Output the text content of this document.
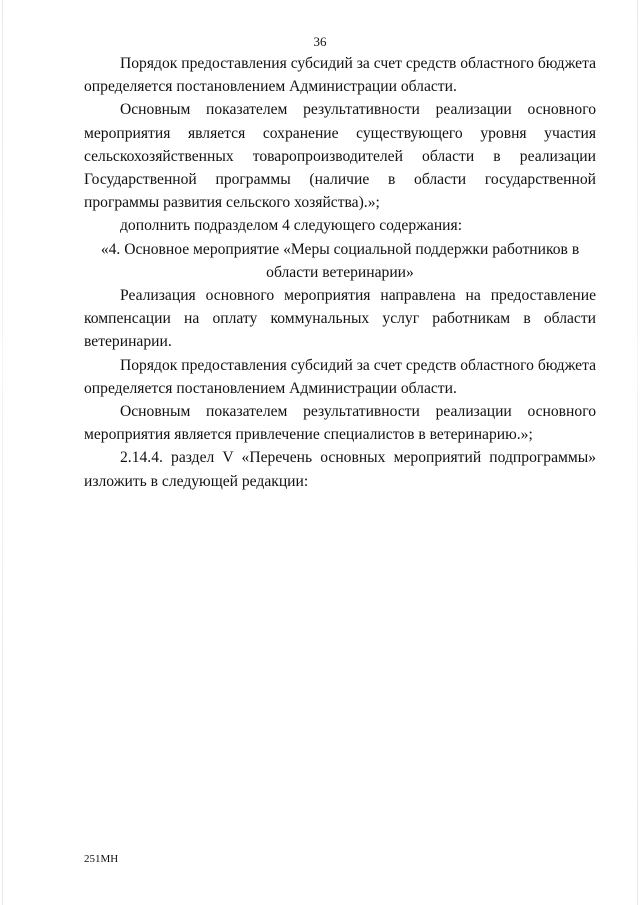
36

Порядок предоставления субсидий за счет средств областного бюджета определяется постановлением Администрации области.

Основным показателем результативности реализации основного мероприятия является сохранение существующего уровня участия сельскохозяйственных товаропроизводителей области в реализации Государственной программы (наличие в области государственной программы развития сельского хозяйства).»;

дополнить подразделом 4 следующего содержания:

«4. Основное мероприятие «Меры социальной поддержки работников в области ветеринарии»

Реализация основного мероприятия направлена на предоставление компенсации на оплату коммунальных услуг работникам в области ветеринарии.

Порядок предоставления субсидий за счет средств областного бюджета определяется постановлением Администрации области.

Основным показателем результативности реализации основного мероприятия является привлечение специалистов в ветеринарию.»;

2.14.4. раздел V «Перечень основных мероприятий подпрограммы» изложить в следующей редакции:

251МН
